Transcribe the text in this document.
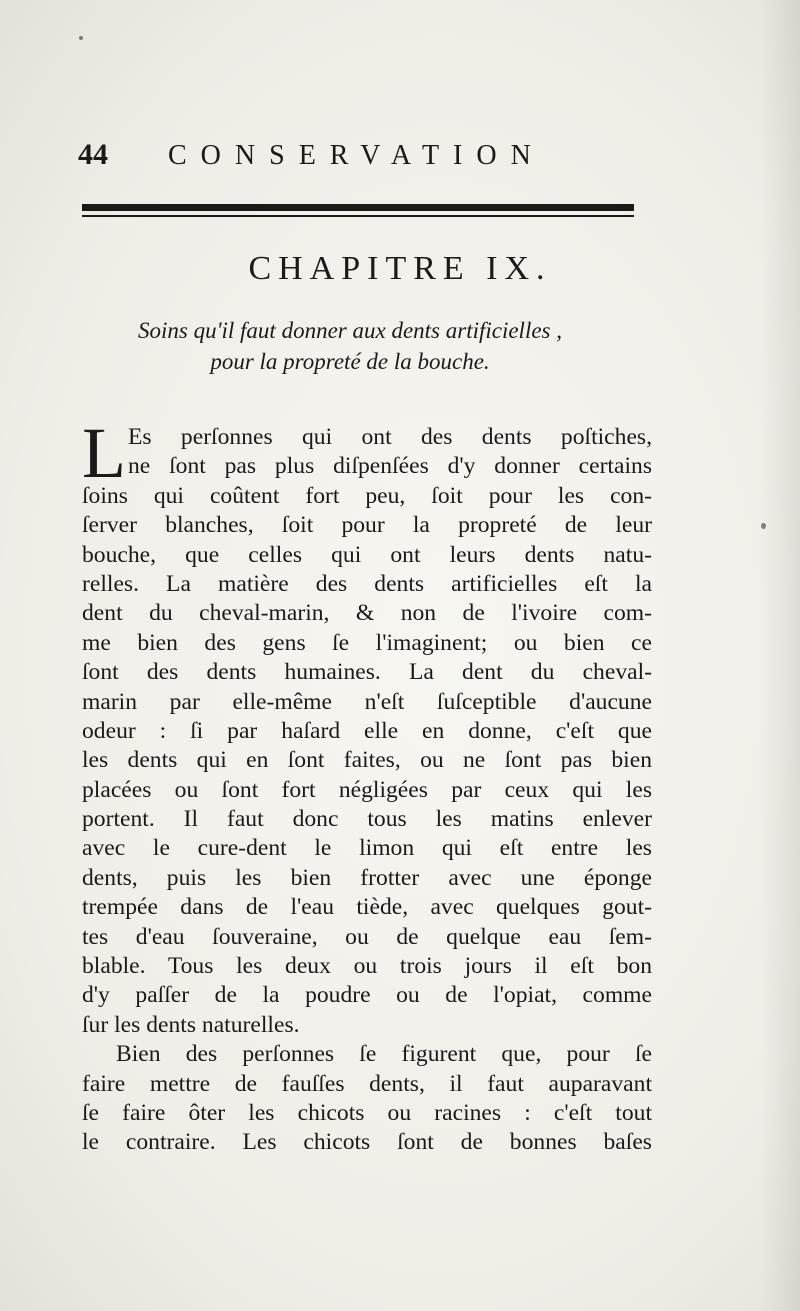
44	CONSERVATION
CHAPITRE IX.
Soins qu'il faut donner aux dents artificielles ,
pour la propreté de la bouche.
L Es perſonnes qui ont des dents poſtiches,
ne ſont pas plus diſpenſées d'y donner certains
ſoins qui coûtent fort peu, ſoit pour les con-
ſerver blanches, ſoit pour la propreté de leur
bouche, que celles qui ont leurs dents natu-
relles. La matière des dents artificielles eſt la
dent du cheval-marin, & non de l'ivoire com-
me bien des gens ſe l'imaginent; ou bien ce
ſont des dents humaines. La dent du cheval-
marin par elle-même n'eſt ſuſceptible d'aucune
odeur : ſi par haſard elle en donne, c'eſt que
les dents qui en ſont faites, ou ne ſont pas bien
placées ou ſont fort négligées par ceux qui les
portent. Il faut donc tous les matins enlever
avec le cure-dent le limon qui eſt entre les
dents, puis les bien frotter avec une éponge
trempée dans de l'eau tiède, avec quelques gout-
tes d'eau ſouveraine, ou de quelque eau ſem-
blable. Tous les deux ou trois jours il eſt bon
d'y paſſer de la poudre ou de l'opiat, comme
ſur les dents naturelles.
Bien des perſonnes ſe figurent que, pour ſe
faire mettre de fauſſes dents, il faut auparavant
ſe faire ôter les chicots ou racines : c'eſt tout
le contraire. Les chicots ſont de bonnes baſes
